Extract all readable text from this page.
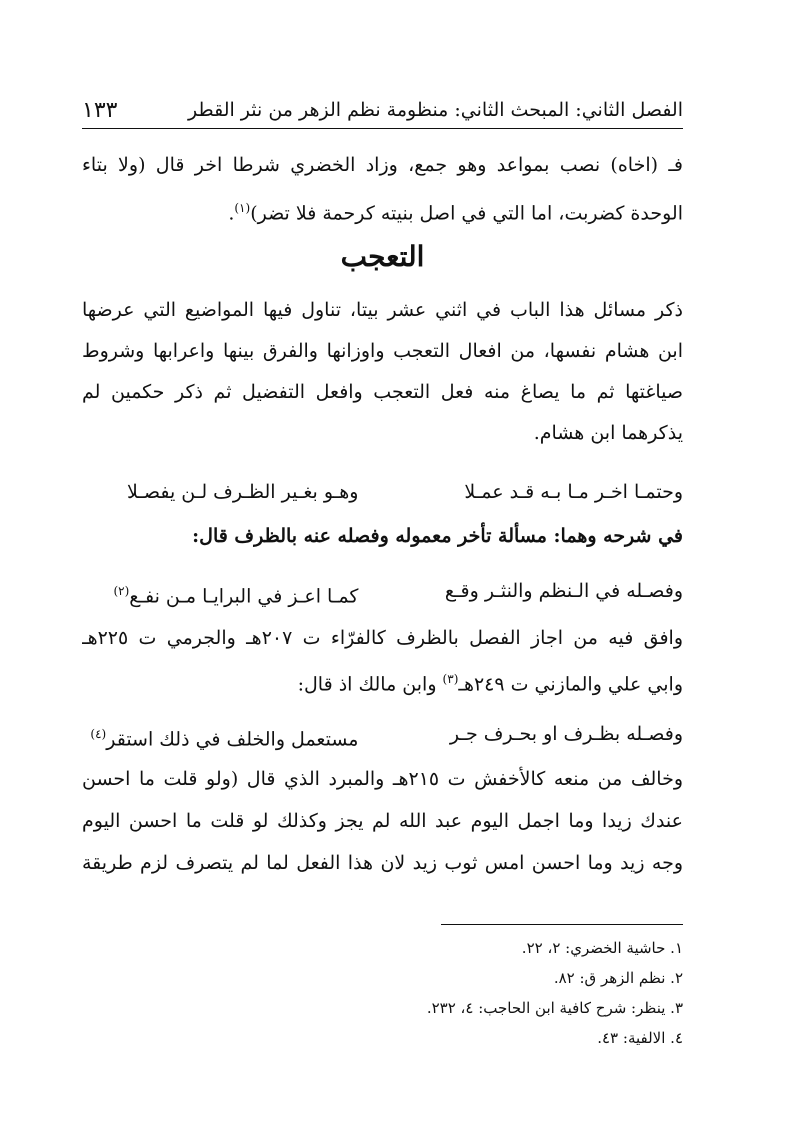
الفصل الثاني: المبحث الثاني: منظومة نظم الزهر من نثر القطر
١٣٣
فـ (اخاه) نصب بمواعد وهو جمع، وزاد الخضري شرطا اخر قال (ولا بتاء
الوحدة كضربت، اما التي في اصل بنيته كرحمة فلا تضر)$^{(١)}$.
التعجب
ذكر مسائل هذا الباب في اثني عشر بيتا، تناول فيها المواضيع التي عرضها
ابن هشام نفسها، من افعال التعجب واوزانها والفرق بينها واعرابها وشروط
صياغتها ثم ما يصاغ منه فعل التعجب وافعل التفضيل ثم ذكر حكمين لم
يذكرهما ابن هشام.
وحتمـا اخـر مـا بـه قـد عمـلا
وهـو بغـير الظـرف لـن يفصـلا
في شرحه وهما: مسألة تأخر معموله وفصله عنه بالظرف قال:
وفصـله في الـنظم والنثـر وقـع
كمـا اعـز في البرايـا مـن نفـع$^{(٢)}$
وافق فيه من اجاز الفصل بالظرف كالفرّاء ت ٢٠٧هـ والجرمي ت ٢٢٥هـ
وابي علي والمازني ت ٢٤٩هـ$^{(٣)}$ وابن مالك اذ قال:
وفصـله بظـرف او بحـرف جـر
مستعمل والخلف في ذلك استقر$^{(٤)}$
وخالف من منعه كالأخفش ت ٢١٥هـ والمبرد الذي قال (ولو قلت ما احسن
عندك زيدا وما اجمل اليوم عبد الله لم يجز وكذلك لو قلت ما احسن اليوم
وجه زيد وما احسن امس ثوب زيد لان هذا الفعل لما لم يتصرف لزم طريقة
١. حاشية الخضري: ٢، ٢٢.
٢. نظم الزهر ق: ٨٢.
٣. ينظر: شرح كافية ابن الحاجب: ٤، ٢٣٢.
٤. الالفية: ٤٣.
